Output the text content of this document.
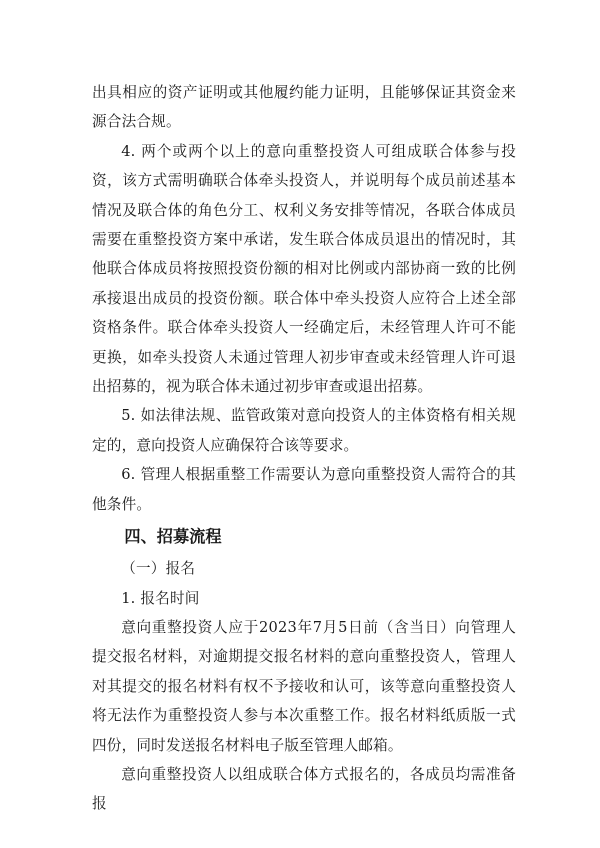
出具相应的资产证明或其他履约能力证明，且能够保证其资金来源合法合规。

4. 两个或两个以上的意向重整投资人可组成联合体参与投资，该方式需明确联合体牵头投资人，并说明每个成员前述基本情况及联合体的角色分工、权利义务安排等情况，各联合体成员需要在重整投资方案中承诺，发生联合体成员退出的情况时，其他联合体成员将按照投资份额的相对比例或内部协商一致的比例承接退出成员的投资份额。联合体中牵头投资人应符合上述全部资格条件。联合体牵头投资人一经确定后，未经管理人许可不能更换，如牵头投资人未通过管理人初步审查或未经管理人许可退出招募的，视为联合体未通过初步审查或退出招募。

5. 如法律法规、监管政策对意向投资人的主体资格有相关规定的，意向投资人应确保符合该等要求。

6. 管理人根据重整工作需要认为意向重整投资人需符合的其他条件。

四、招募流程

（一）报名

1. 报名时间

意向重整投资人应于2023年7月5日前（含当日）向管理人提交报名材料，对逾期提交报名材料的意向重整投资人，管理人对其提交的报名材料有权不予接收和认可，该等意向重整投资人将无法作为重整投资人参与本次重整工作。报名材料纸质版一式四份，同时发送报名材料电子版至管理人邮箱。

意向重整投资人以组成联合体方式报名的，各成员均需准备报
